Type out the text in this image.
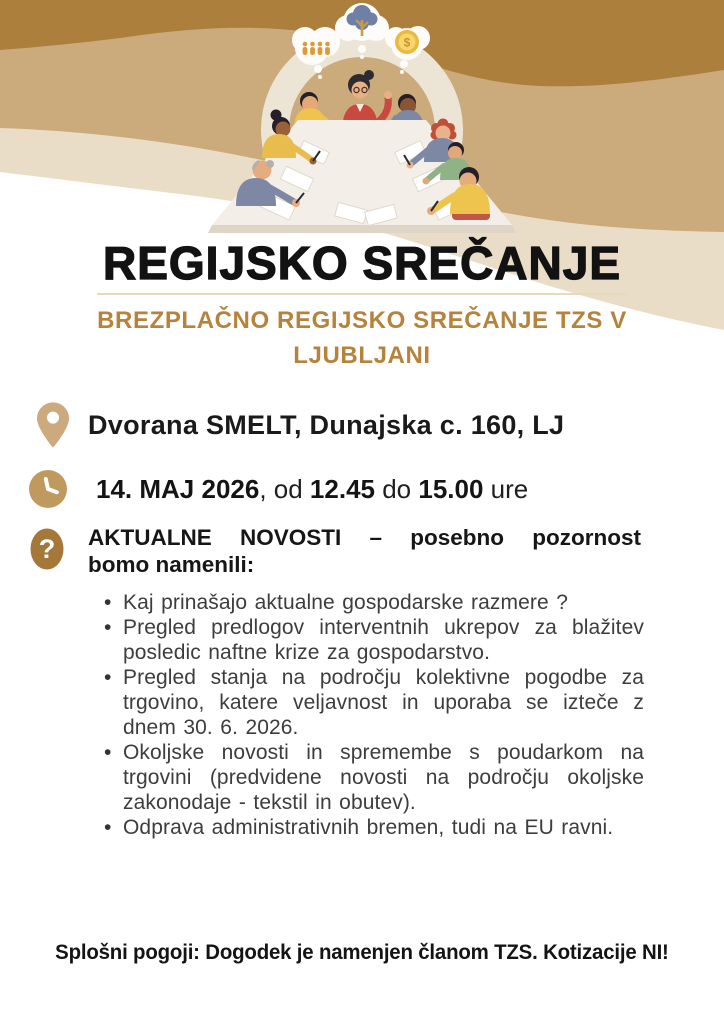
$
REGIJSKO SREČANJE
BREZPLAČNO REGIJSKO SREČANJE TZS V
LJUBLJANI
Dvorana SMELT, Dunajska c. 160, LJ
14. MAJ 2026, od 12.45 do 15.00 ure
? AKTUALNE NOVOSTI – posebno pozornost
bomo namenili:
•
Kaj prinašajo aktualne gospodarske razmere ?
•
Pregled predlogov interventnih ukrepov za blažitev posledic naftne krize za gospodarstvo.
•
Pregled stanja na področju kolektivne pogodbe za trgovino, katere veljavnost in uporaba se izteče z dnem 30. 6. 2026.
•
Okoljske novosti in spremembe s poudarkom na trgovini (predvidene novosti na področju okoljske zakonodaje - tekstil in obutev).
•
Odprava administrativnih bremen, tudi na EU ravni.
Splošni pogoji: Dogodek je namenjen članom TZS. Kotizacije NI!
